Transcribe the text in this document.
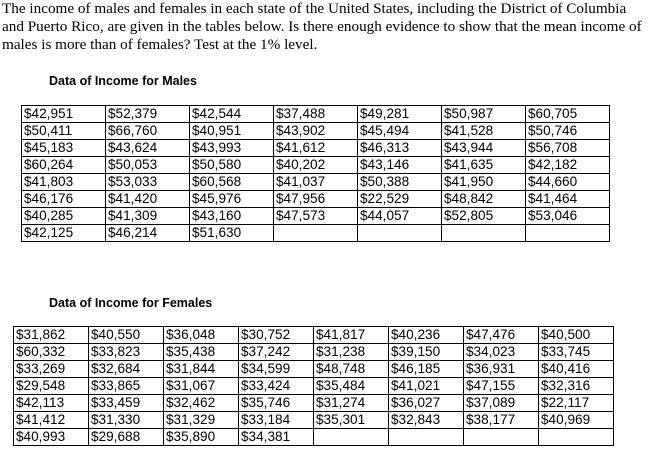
The income of males and females in each state of the United States, including the District of Columbia and Puerto Rico, are given in the tables below. Is there enough evidence to show that the mean income of males is more than of females? Test at the 1% level.

Data of Income for Males
$42,951	$52,379	$42,544	$37,488	$49,281	$50,987	$60,705
$50,411	$66,760	$40,951	$43,902	$45,494	$41,528	$50,746
$45,183	$43,624	$43,993	$41,612	$46,313	$43,944	$56,708
$60,264	$50,053	$50,580	$40,202	$43,146	$41,635	$42,182
$41,803	$53,033	$60,568	$41,037	$50,388	$41,950	$44,660
$46,176	$41,420	$45,976	$47,956	$22,529	$48,842	$41,464
$40,285	$41,309	$43,160	$47,573	$44,057	$52,805	$53,046
$42,125	$46,214	$51,630				
Data of Income for Females
$31,862	$40,550	$36,048	$30,752	$41,817	$40,236	$47,476	$40,500
$60,332	$33,823	$35,438	$37,242	$31,238	$39,150	$34,023	$33,745
$33,269	$32,684	$31,844	$34,599	$48,748	$46,185	$36,931	$40,416
$29,548	$33,865	$31,067	$33,424	$35,484	$41,021	$47,155	$32,316
$42,113	$33,459	$32,462	$35,746	$31,274	$36,027	$37,089	$22,117
$41,412	$31,330	$31,329	$33,184	$35,301	$32,843	$38,177	$40,969
$40,993	$29,688	$35,890	$34,381				
